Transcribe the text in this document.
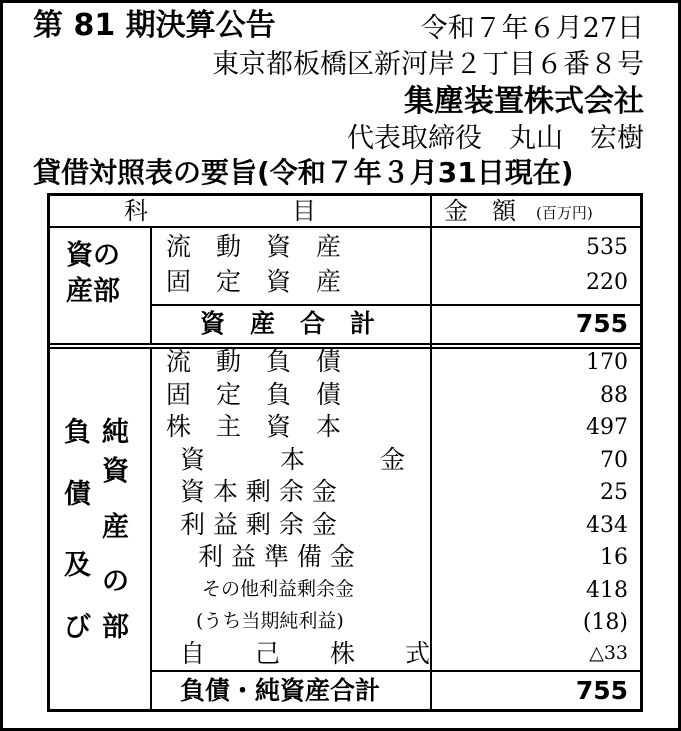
第 81 期決算公告	令和７年６月27日
東京都板橋区新河岸２丁目６番８号
集塵装置株式会社
代表取締役　丸山　宏樹
貸借対照表の要旨(令和７年３月31日現在)
科　　　　　　目	金　額 (百万円)
資の
産部
流　動　資　産	535
固　定　資　産	220
資　産　合　計	755
負
債
及
び
純
資
産
の
部
流　動　負　債	170
固　定　負　債	88
株　主　資　本	497
資　　　本　　　金	70
資 本 剰 余 金	25
利 益 剰 余 金	434
利 益 準 備 金	16
その他利益剰余金	418
(うち当期純利益)	(18)
自　　己　　株　　式	△33
負債・純資産合計	755
